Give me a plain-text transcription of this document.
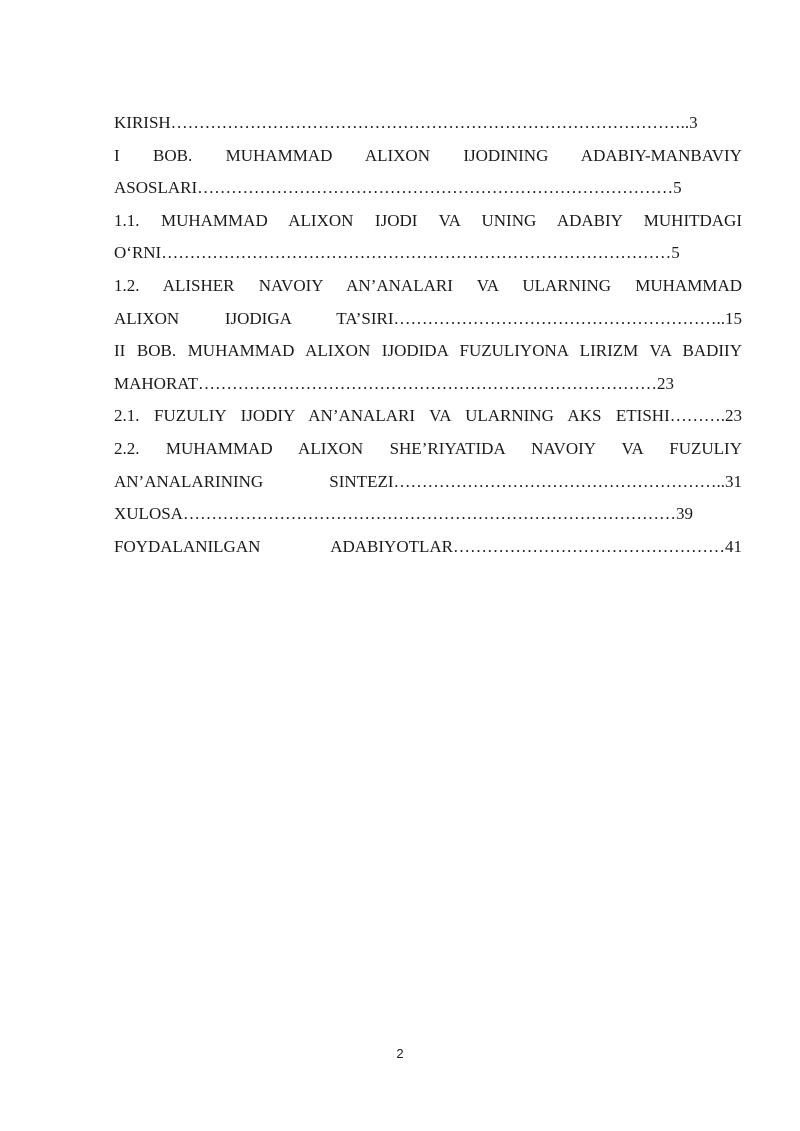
KIRISH………………………………………………………………………………..3
I BOB. MUHAMMAD ALIXON IJODINING ADABIY-MANBAVIY
ASOSLARI…………………………………………………………………………5
1.1. MUHAMMAD ALIXON IJODI VA UNING ADABIY MUHITDAGI
O‘RNI………………………………………………………………………………5
1.2. ALISHER NAVOIY AN’ANALARI VA ULARNING MUHAMMAD
ALIXON IJODIGA TA’SIRI…………………………………………………..15
II BOB. MUHAMMAD ALIXON IJODIDA FUZULIYONA LIRIZM VA BADIIY
MAHORAT………………………………………………………………………23
2.1. FUZULIY IJODIY AN’ANALARI VA ULARNING AKS ETISHI……….23
2.2. MUHAMMAD ALIXON SHE’RIYATIDA NAVOIY VA FUZULIY
AN’ANALARINING SINTEZI…………………………………………………..31
XULOSA……………………………………………………………………………39
FOYDALANILGAN ADABIYOTLAR…………………………………………41
2
